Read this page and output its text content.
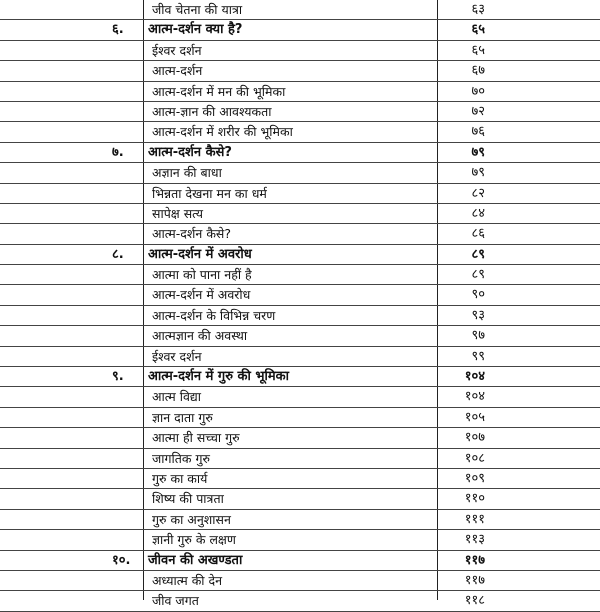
जीव चेतना की यात्रा	६३
६. आत्म-दर्शन क्या है?	६५
ईश्वर दर्शन	६५
आत्म-दर्शन	६७
आत्म-दर्शन में मन की भूमिका	७०
आत्म-ज्ञान की आवश्यकता	७२
आत्म-दर्शन में शरीर की भूमिका	७६
७. आत्म-दर्शन कैसे?	७९
अज्ञान की बाधा	७९
भिन्नता देखना मन का धर्म	८२
सापेक्ष सत्य	८४
आत्म-दर्शन कैसे?	८६
८. आत्म-दर्शन में अवरोध	८९
आत्मा को पाना नहीं है	८९
आत्म-दर्शन में अवरोध	९०
आत्म-दर्शन के विभिन्न चरण	९३
आत्मज्ञान की अवस्था	९७
ईश्वर दर्शन	९९
९. आत्म-दर्शन में गुरु की भूमिका	१०४
आत्म विद्या	१०४
ज्ञान दाता गुरु	१०५
आत्मा ही सच्चा गुरु	१०७
जागतिक गुरु	१०८
गुरु का कार्य	१०९
शिष्य की पात्रता	११०
गुरु का अनुशासन	१११
ज्ञानी गुरु के लक्षण	११३
१०. जीवन की अखण्डता	११७
अध्यात्म की देन	११७
जीव जगत	११८
